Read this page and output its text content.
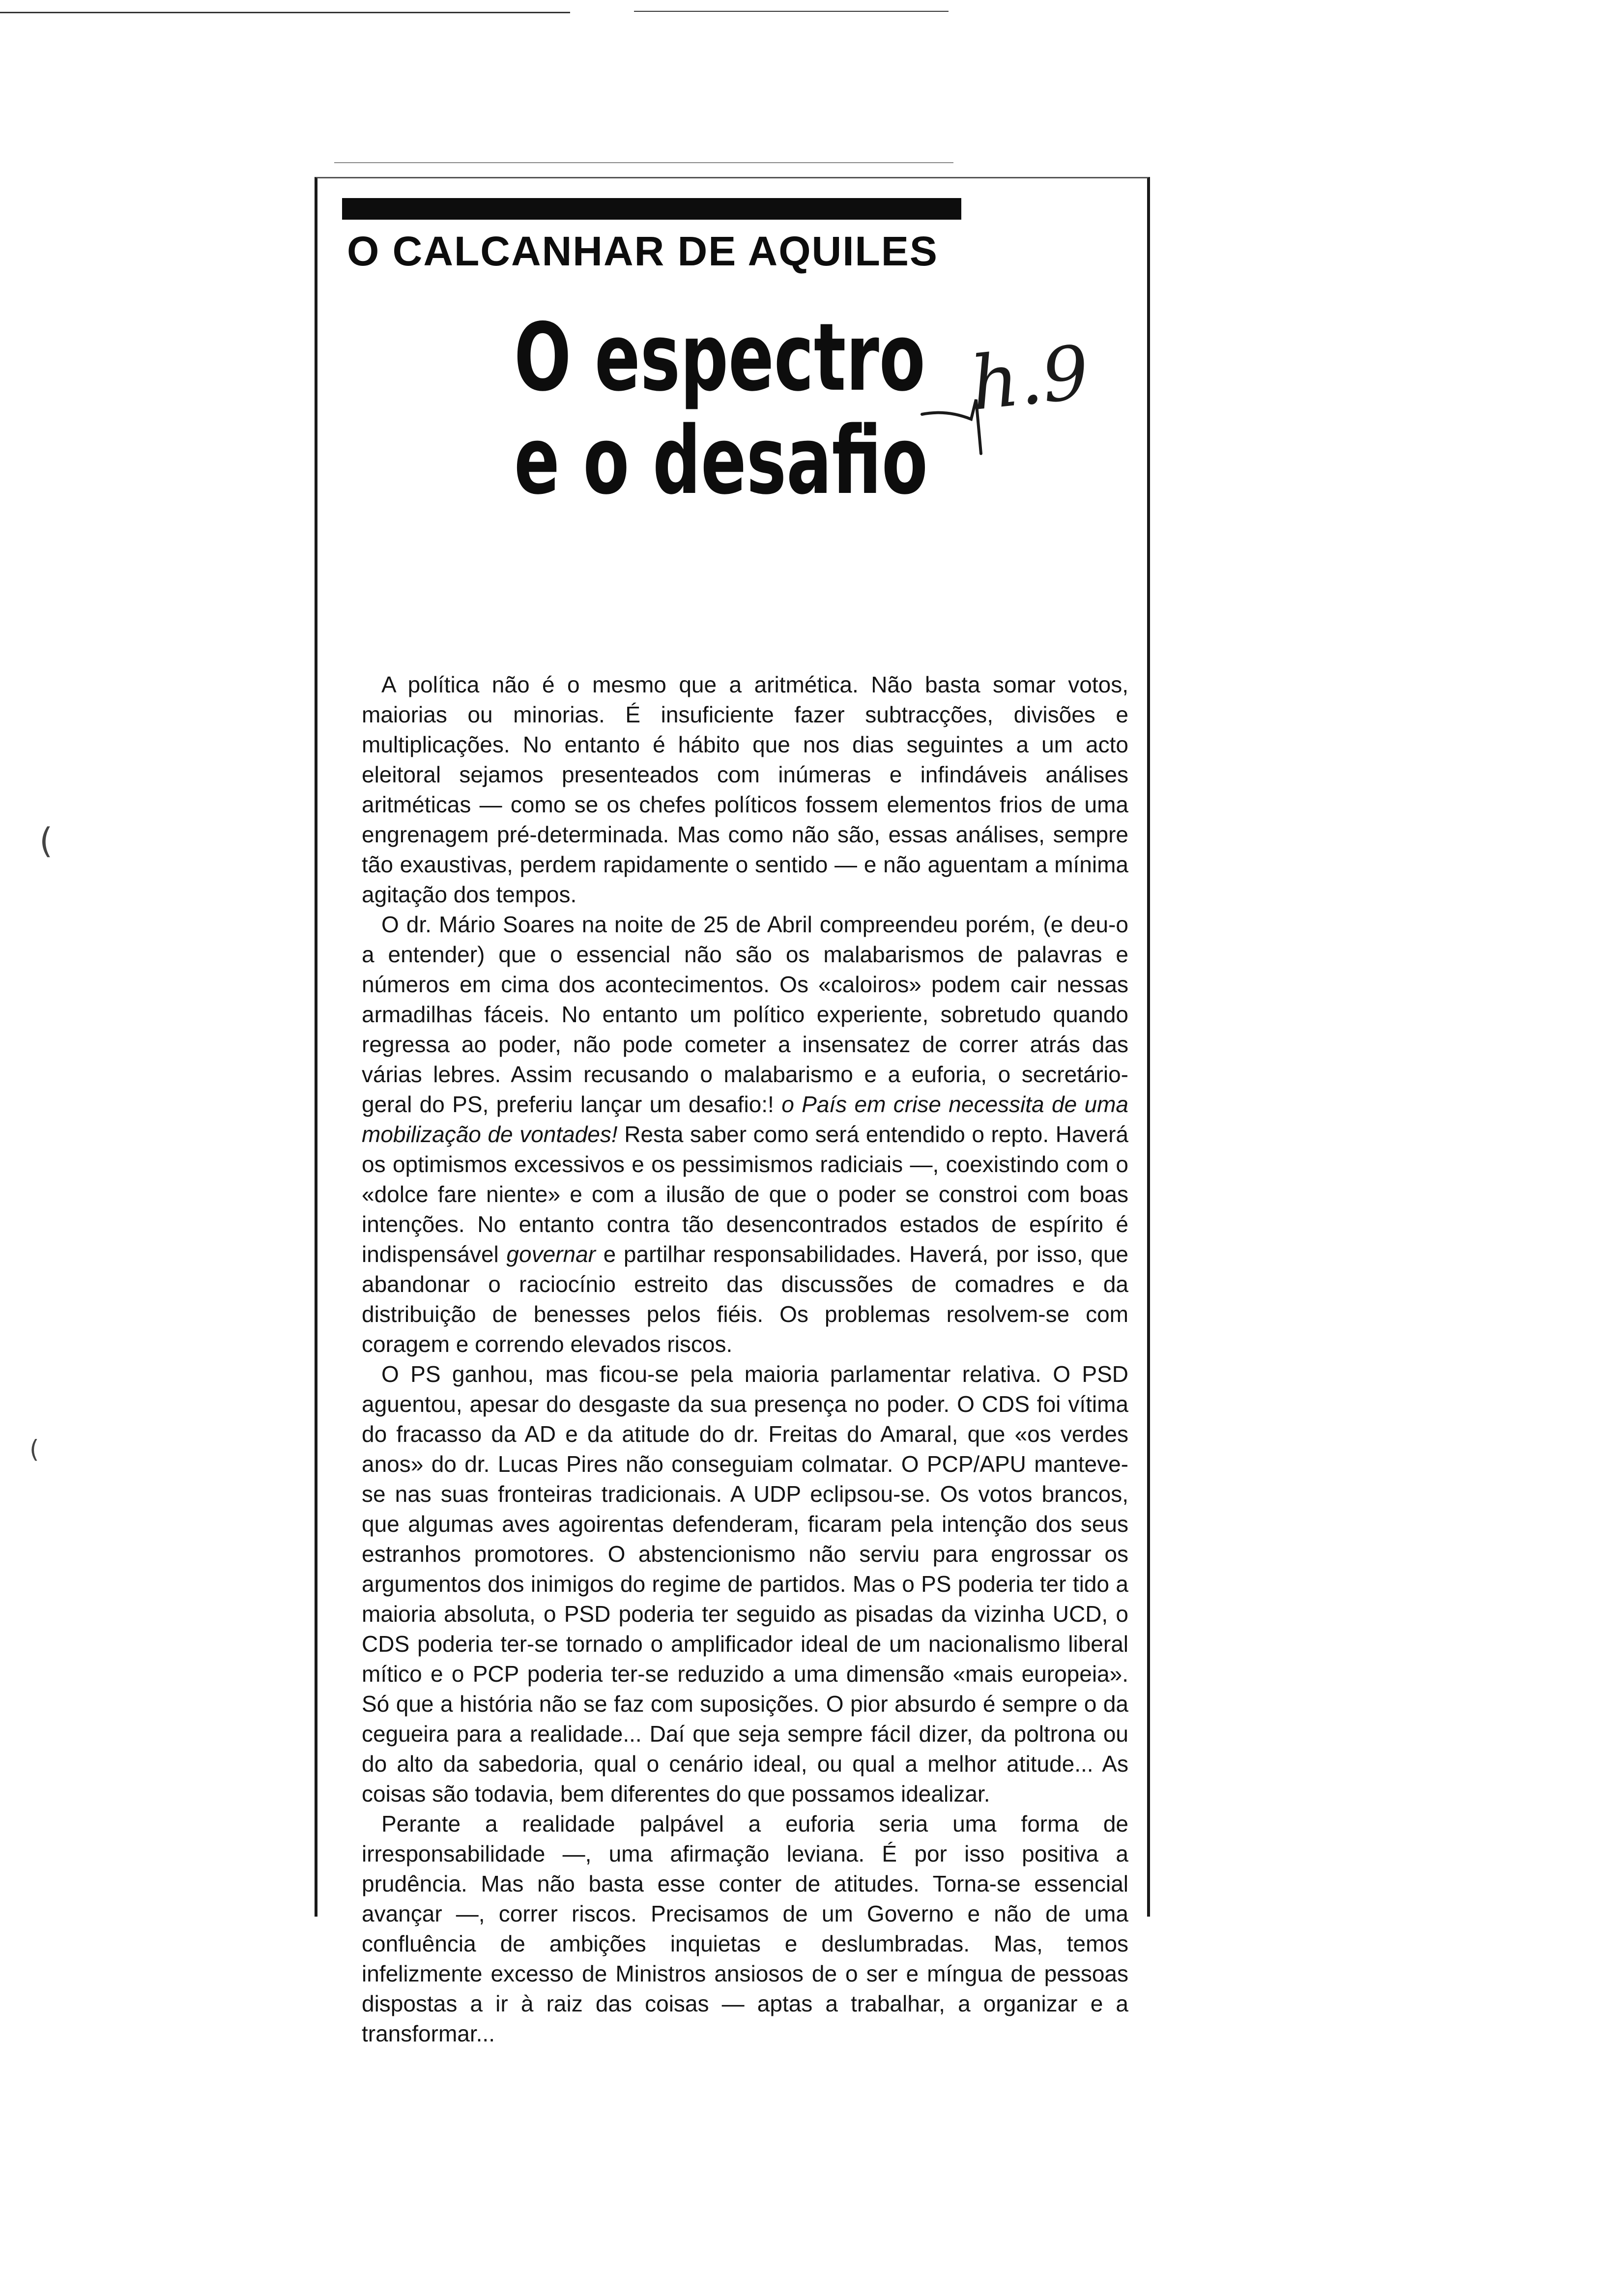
(
(
O CALCANHAR DE AQUILES
O espectro
e o desafio
h.9

A política não é o mesmo que a aritmética. Não basta somar votos, maiorias ou minorias. É insuficiente fazer subtracções, divisões e multiplicações. No entanto é hábito que nos dias seguintes a um acto eleitoral sejamos presenteados com inúmeras e infindáveis análises aritméticas — como se os chefes políticos fossem elementos frios de uma engrenagem pré-determinada. Mas como não são, essas análises, sempre tão exaustivas, perdem rapidamente o sentido — e não aguentam a mínima agitação dos tempos.

O dr. Mário Soares na noite de 25 de Abril compreendeu porém, (e deu-o a entender) que o essencial não são os malabarismos de palavras e números em cima dos acontecimentos. Os «caloiros» podem cair nessas armadilhas fáceis. No entanto um político experiente, sobretudo quando regressa ao poder, não pode cometer a insensatez de correr atrás das várias lebres. Assim recusando o malabarismo e a euforia, o secretário-geral do PS, preferiu lançar um desafio:! o País em crise necessita de uma mobilização de vontades! Resta saber como será entendido o repto. Haverá os optimismos excessivos e os pessimismos radiciais —, coexistindo com o «dolce fare niente» e com a ilusão de que o poder se constroi com boas intenções. No entanto contra tão desencontrados estados de espírito é indispensável governar e partilhar responsabilidades. Haverá, por isso, que abandonar o raciocínio estreito das discussões de comadres e da distribuição de benesses pelos fiéis. Os problemas resolvem-se com coragem e correndo elevados riscos.

O PS ganhou, mas ficou-se pela maioria parlamentar relativa. O PSD aguentou, apesar do desgaste da sua presença no poder. O CDS foi vítima do fracasso da AD e da atitude do dr. Freitas do Amaral, que «os verdes anos» do dr. Lucas Pires não conseguiam colmatar. O PCP/APU manteve-se nas suas fronteiras tradicionais. A UDP eclipsou-se. Os votos brancos, que algumas aves agoirentas defenderam, ficaram pela intenção dos seus estranhos promotores. O abstencionismo não serviu para engrossar os argumentos dos inimigos do regime de partidos. Mas o PS poderia ter tido a maioria absoluta, o PSD poderia ter seguido as pisadas da vizinha UCD, o CDS poderia ter-se tornado o amplificador ideal de um nacionalismo liberal mítico e o PCP poderia ter-se reduzido a uma dimensão «mais europeia». Só que a história não se faz com suposições. O pior absurdo é sempre o da cegueira para a realidade... Daí que seja sempre fácil dizer, da poltrona ou do alto da sabedoria, qual o cenário ideal, ou qual a melhor atitude... As coisas são todavia, bem diferentes do que possamos idealizar.

Perante a realidade palpável a euforia seria uma forma de irresponsabilidade —, uma afirmação leviana. É por isso positiva a prudência. Mas não basta esse conter de atitudes. Torna-se essencial avançar —, correr riscos. Precisamos de um Governo e não de uma confluência de ambições inquietas e deslumbradas. Mas, temos infelizmente excesso de Ministros ansiosos de o ser e míngua de pessoas dispostas a ir à raiz das coisas — aptas a trabalhar, a organizar e a transformar...
